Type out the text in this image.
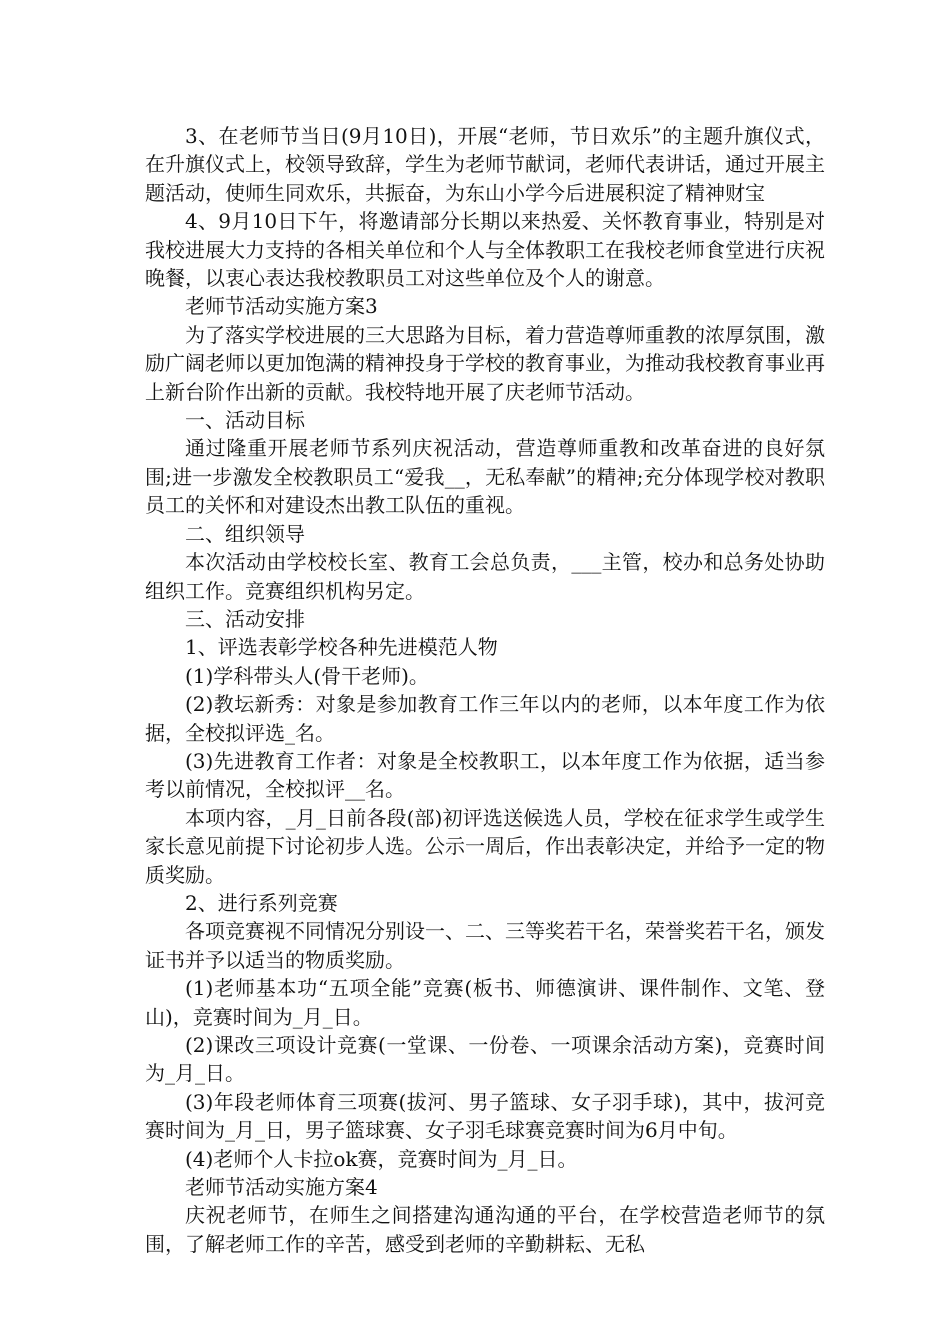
3、在老师节当日(9月10日)，开展“老师，节日欢乐”的主题升旗仪式，在升旗仪式上，校领导致辞，学生为老师节献词，老师代表讲话，通过开展主题活动，使师生同欢乐，共振奋，为东山小学今后进展积淀了精神财宝

4、9月10日下午，将邀请部分长期以来热爱、关怀教育事业，特别是对我校进展大力支持的各相关单位和个人与全体教职工在我校老师食堂进行庆祝晚餐，以衷心表达我校教职员工对这些单位及个人的谢意。

老师节活动实施方案3

为了落实学校进展的三大思路为目标，着力营造尊师重教的浓厚氛围，激励广阔老师以更加饱满的精神投身于学校的教育事业，为推动我校教育事业再上新台阶作出新的贡献。我校特地开展了庆老师节活动。

一、活动目标

通过隆重开展老师节系列庆祝活动，营造尊师重教和改革奋进的良好氛围;进一步激发全校教职员工“爱我__，无私奉献”的精神;充分体现学校对教职员工的关怀和对建设杰出教工队伍的重视。

二、组织领导

本次活动由学校校长室、教育工会总负责，___主管，校办和总务处协助组织工作。竞赛组织机构另定。

三、活动安排

1、评选表彰学校各种先进模范人物

(1)学科带头人(骨干老师)。

(2)教坛新秀：对象是参加教育工作三年以内的老师，以本年度工作为依据，全校拟评选_名。

(3)先进教育工作者：对象是全校教职工，以本年度工作为依据，适当参考以前情况，全校拟评__名。

本项内容，_月_日前各段(部)初评选送候选人员，学校在征求学生或学生家长意见前提下讨论初步人选。公示一周后，作出表彰决定，并给予一定的物质奖励。

2、进行系列竞赛

各项竞赛视不同情况分别设一、二、三等奖若干名，荣誉奖若干名，颁发证书并予以适当的物质奖励。

(1)老师基本功“五项全能”竞赛(板书、师德演讲、课件制作、文笔、登山)，竞赛时间为_月_日。

(2)课改三项设计竞赛(一堂课、一份卷、一项课余活动方案)，竞赛时间为_月_日。

(3)年段老师体育三项赛(拔河、男子篮球、女子羽手球)，其中，拔河竞赛时间为_月_日，男子篮球赛、女子羽毛球赛竞赛时间为6月中旬。

(4)老师个人卡拉ok赛，竞赛时间为_月_日。

老师节活动实施方案4

庆祝老师节，在师生之间搭建沟通沟通的平台，在学校营造老师节的氛围，了解老师工作的辛苦，感受到老师的辛勤耕耘、无私
